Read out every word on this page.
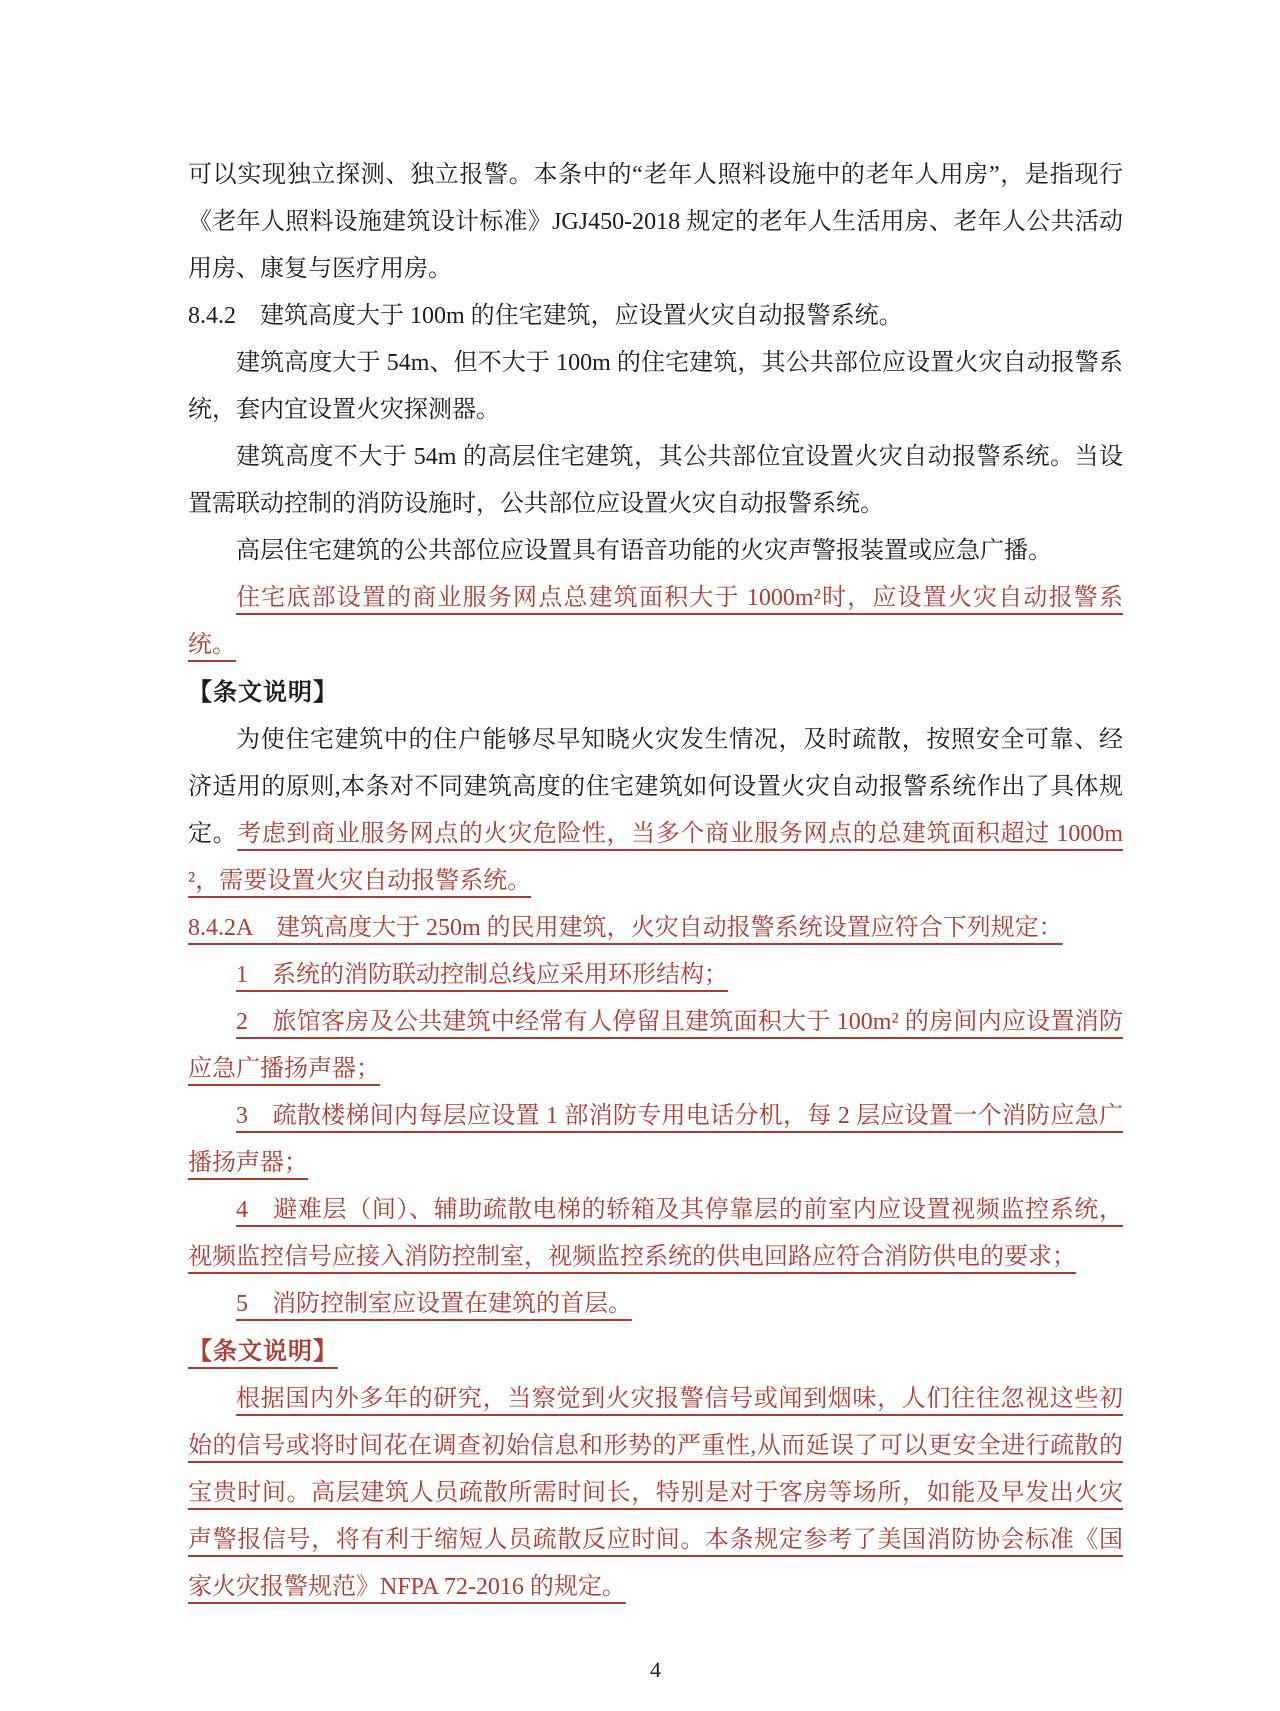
可以实现独立探测、独立报警。本条中的“老年人照料设施中的老年人用房”，是指现行《老年人照料设施建筑设计标准》JGJ450-2018 规定的老年人生活用房、老年人公共活动用房、康复与医疗用房。

8.4.2　建筑高度大于 100m 的住宅建筑，应设置火灾自动报警系统。

建筑高度大于 54m、但不大于 100m 的住宅建筑，其公共部位应设置火灾自动报警系统，套内宜设置火灾探测器。

建筑高度不大于 54m 的高层住宅建筑，其公共部位宜设置火灾自动报警系统。当设置需联动控制的消防设施时，公共部位应设置火灾自动报警系统。

高层住宅建筑的公共部位应设置具有语音功能的火灾声警报装置或应急广播。

住宅底部设置的商业服务网点总建筑面积大于 1000m²时，应设置火灾自动报警系统。

【条文说明】

为使住宅建筑中的住户能够尽早知晓火灾发生情况，及时疏散，按照安全可靠、经济适用的原则,本条对不同建筑高度的住宅建筑如何设置火灾自动报警系统作出了具体规定。考虑到商业服务网点的火灾危险性，当多个商业服务网点的总建筑面积超过 1000m²，需要设置火灾自动报警系统。

8.4.2A　建筑高度大于 250m 的民用建筑，火灾自动报警系统设置应符合下列规定：

1　系统的消防联动控制总线应采用环形结构；

2　旅馆客房及公共建筑中经常有人停留且建筑面积大于 100m² 的房间内应设置消防应急广播扬声器；

3　疏散楼梯间内每层应设置 1 部消防专用电话分机，每 2 层应设置一个消防应急广播扬声器；

4　避难层（间）、辅助疏散电梯的轿箱及其停靠层的前室内应设置视频监控系统，视频监控信号应接入消防控制室，视频监控系统的供电回路应符合消防供电的要求；

5　消防控制室应设置在建筑的首层。

【条文说明】

根据国内外多年的研究，当察觉到火灾报警信号或闻到烟味，人们往往忽视这些初始的信号或将时间花在调查初始信息和形势的严重性,从而延误了可以更安全进行疏散的宝贵时间。高层建筑人员疏散所需时间长，特别是对于客房等场所，如能及早发出火灾声警报信号，将有利于缩短人员疏散反应时间。本条规定参考了美国消防协会标准《国家火灾报警规范》NFPA 72-2016 的规定。

4
